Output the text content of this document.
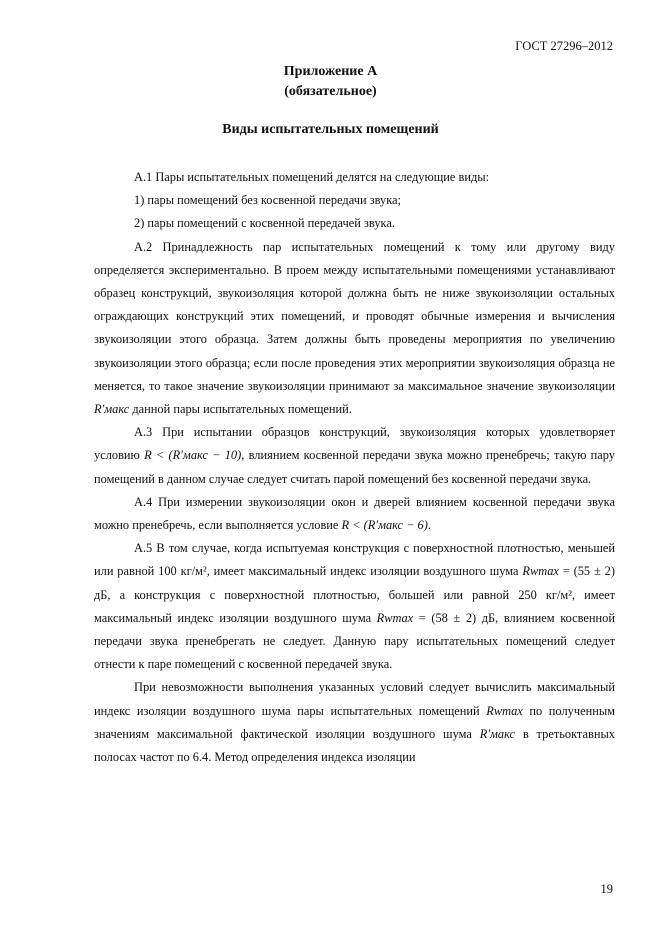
ГОСТ 27296–2012
Приложение А
(обязательное)
Виды испытательных помещений

А.1 Пары испытательных помещений делятся на следующие виды:

1) пары помещений без косвенной передачи звука;

2) пары помещений с косвенной передачей звука.

А.2 Принадлежность пар испытательных помещений к тому или другому виду определяется экспериментально. В проем между испытательными помещениями устанавливают образец конструкций, звукоизоляция которой должна быть не ниже звукоизоляции остальных ограждающих конструкций этих помещений, и проводят обычные измерения и вычисления звукоизоляции этого образца. Затем должны быть проведены мероприятия по увеличению звукоизоляции этого образца; если после проведения этих мероприятии звукоизоляция образца не меняется, то такое значение звукоизоляции принимают за максимальное значение звукоизоляции R′макс данной пары испытательных помещений.

А.3 При испытании образцов конструкций, звукоизоляция которых удовлетворяет условию R < (R′макс − 10), влиянием косвенной передачи звука можно пренебречь; такую пару помещений в данном случае следует считать парой помещений без косвенной передачи звука.

А.4 При измерении звукоизоляции окон и дверей влиянием косвенной передачи звука можно пренебречь, если выполняется условие R < (R′макс − 6).

А.5 В том случае, когда испытуемая конструкция с поверхностной плотностью, меньшей или равной 100 кг/м², имеет максимальный индекс изоляции воздушного шума Rwmax = (55 ± 2) дБ, а конструкция с поверхностной плотностью, большей или равной 250 кг/м², имеет максимальный индекс изоляции воздушного шума Rwmax = (58 ± 2) дБ, влиянием косвенной передачи звука пренебрегать не следует. Данную пару испытательных помещений следует отнести к паре помещений с косвенной передачей звука.

При невозможности выполнения указанных условий следует вычислить максимальный индекс изоляции воздушного шума пары испытательных помещений Rwmax по полученным значениям максимальной фактической изоляции воздушного шума R′макс в третьоктавных полосах частот по 6.4. Метод определения индекса изоляции

19
